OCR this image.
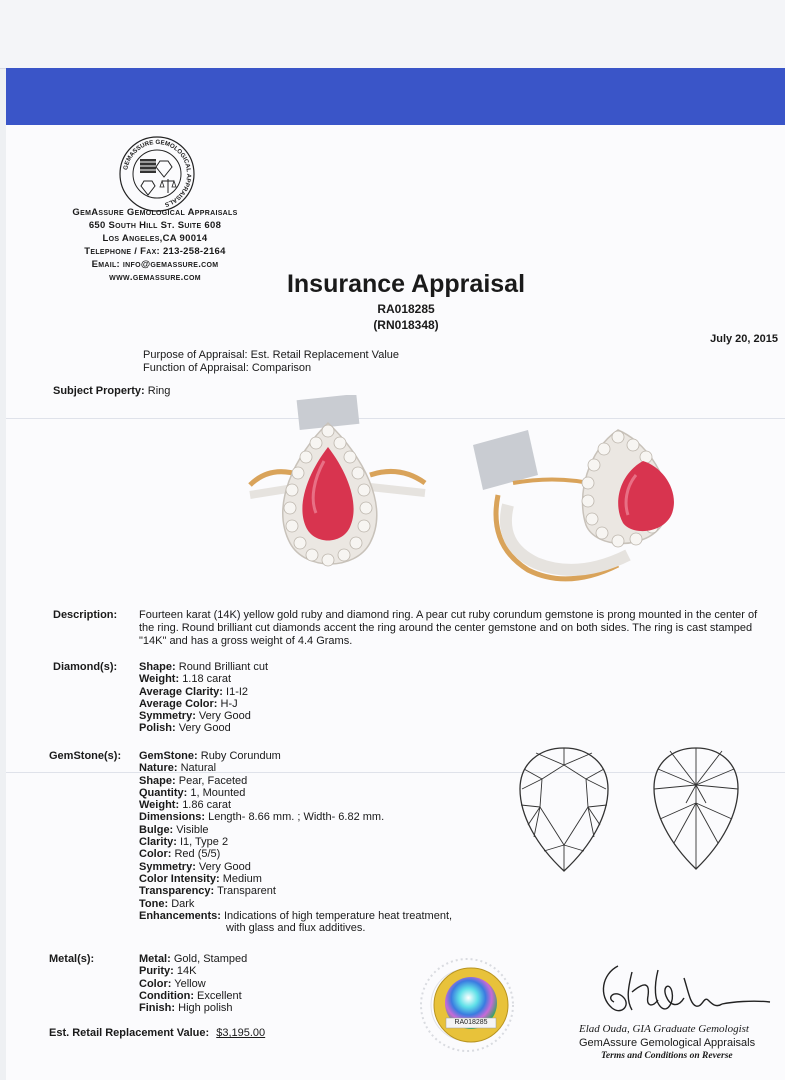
GEMASSURE GEMOLOGICAL APPRAISALS
GemAssure Gemological Appraisals
650 South Hill St. Suite 608
Los Angeles,CA 90014
Telephone / Fax: 213-258-2164
Email: info@gemassure.com
www.gemassure.com	Insurance Appraisal
RA018285
(RN018348)
July 20, 2015
Purpose of Appraisal: Est. Retail Replacement Value
Function of Appraisal: Comparison
Subject Property: Ring
Description: Fourteen karat (14K) yellow gold ruby and diamond ring. A pear cut ruby corundum gemstone is prong mounted in the center of the ring. Round brilliant cut diamonds accent the ring around the center gemstone and on both sides. The ring is cast stamped "14K" and has a gross weight of 4.4 Grams.
Diamond(s): Shape: Round Brilliant cut
Weight: 1.18 carat
Average Clarity: I1-I2
Average Color: H-J
Symmetry: Very Good
Polish: Very Good
GemStone(s): GemStone: Ruby Corundum
Nature: Natural
Shape: Pear, Faceted
Quantity: 1, Mounted
Weight: 1.86 carat
Dimensions: Length- 8.66 mm. ; Width- 6.82 mm.
Bulge: Visible
Clarity: I1, Type 2
Color: Red (5/5)
Symmetry: Very Good
Color Intensity: Medium
Transparency: Transparent
Tone: Dark
Enhancements: Indications of high temperature heat treatment,
with glass and flux additives.
Metal(s):	Metal: Gold, Stamped
Purity: 14K
Color: Yellow
Condition: Excellent
Finish: High polish
Est. Retail Replacement Value: $3,195.00
RA018285
Elad Ouda, GIA Graduate Gemologist
GemAssure Gemological Appraisals
Terms and Conditions on Reverse
